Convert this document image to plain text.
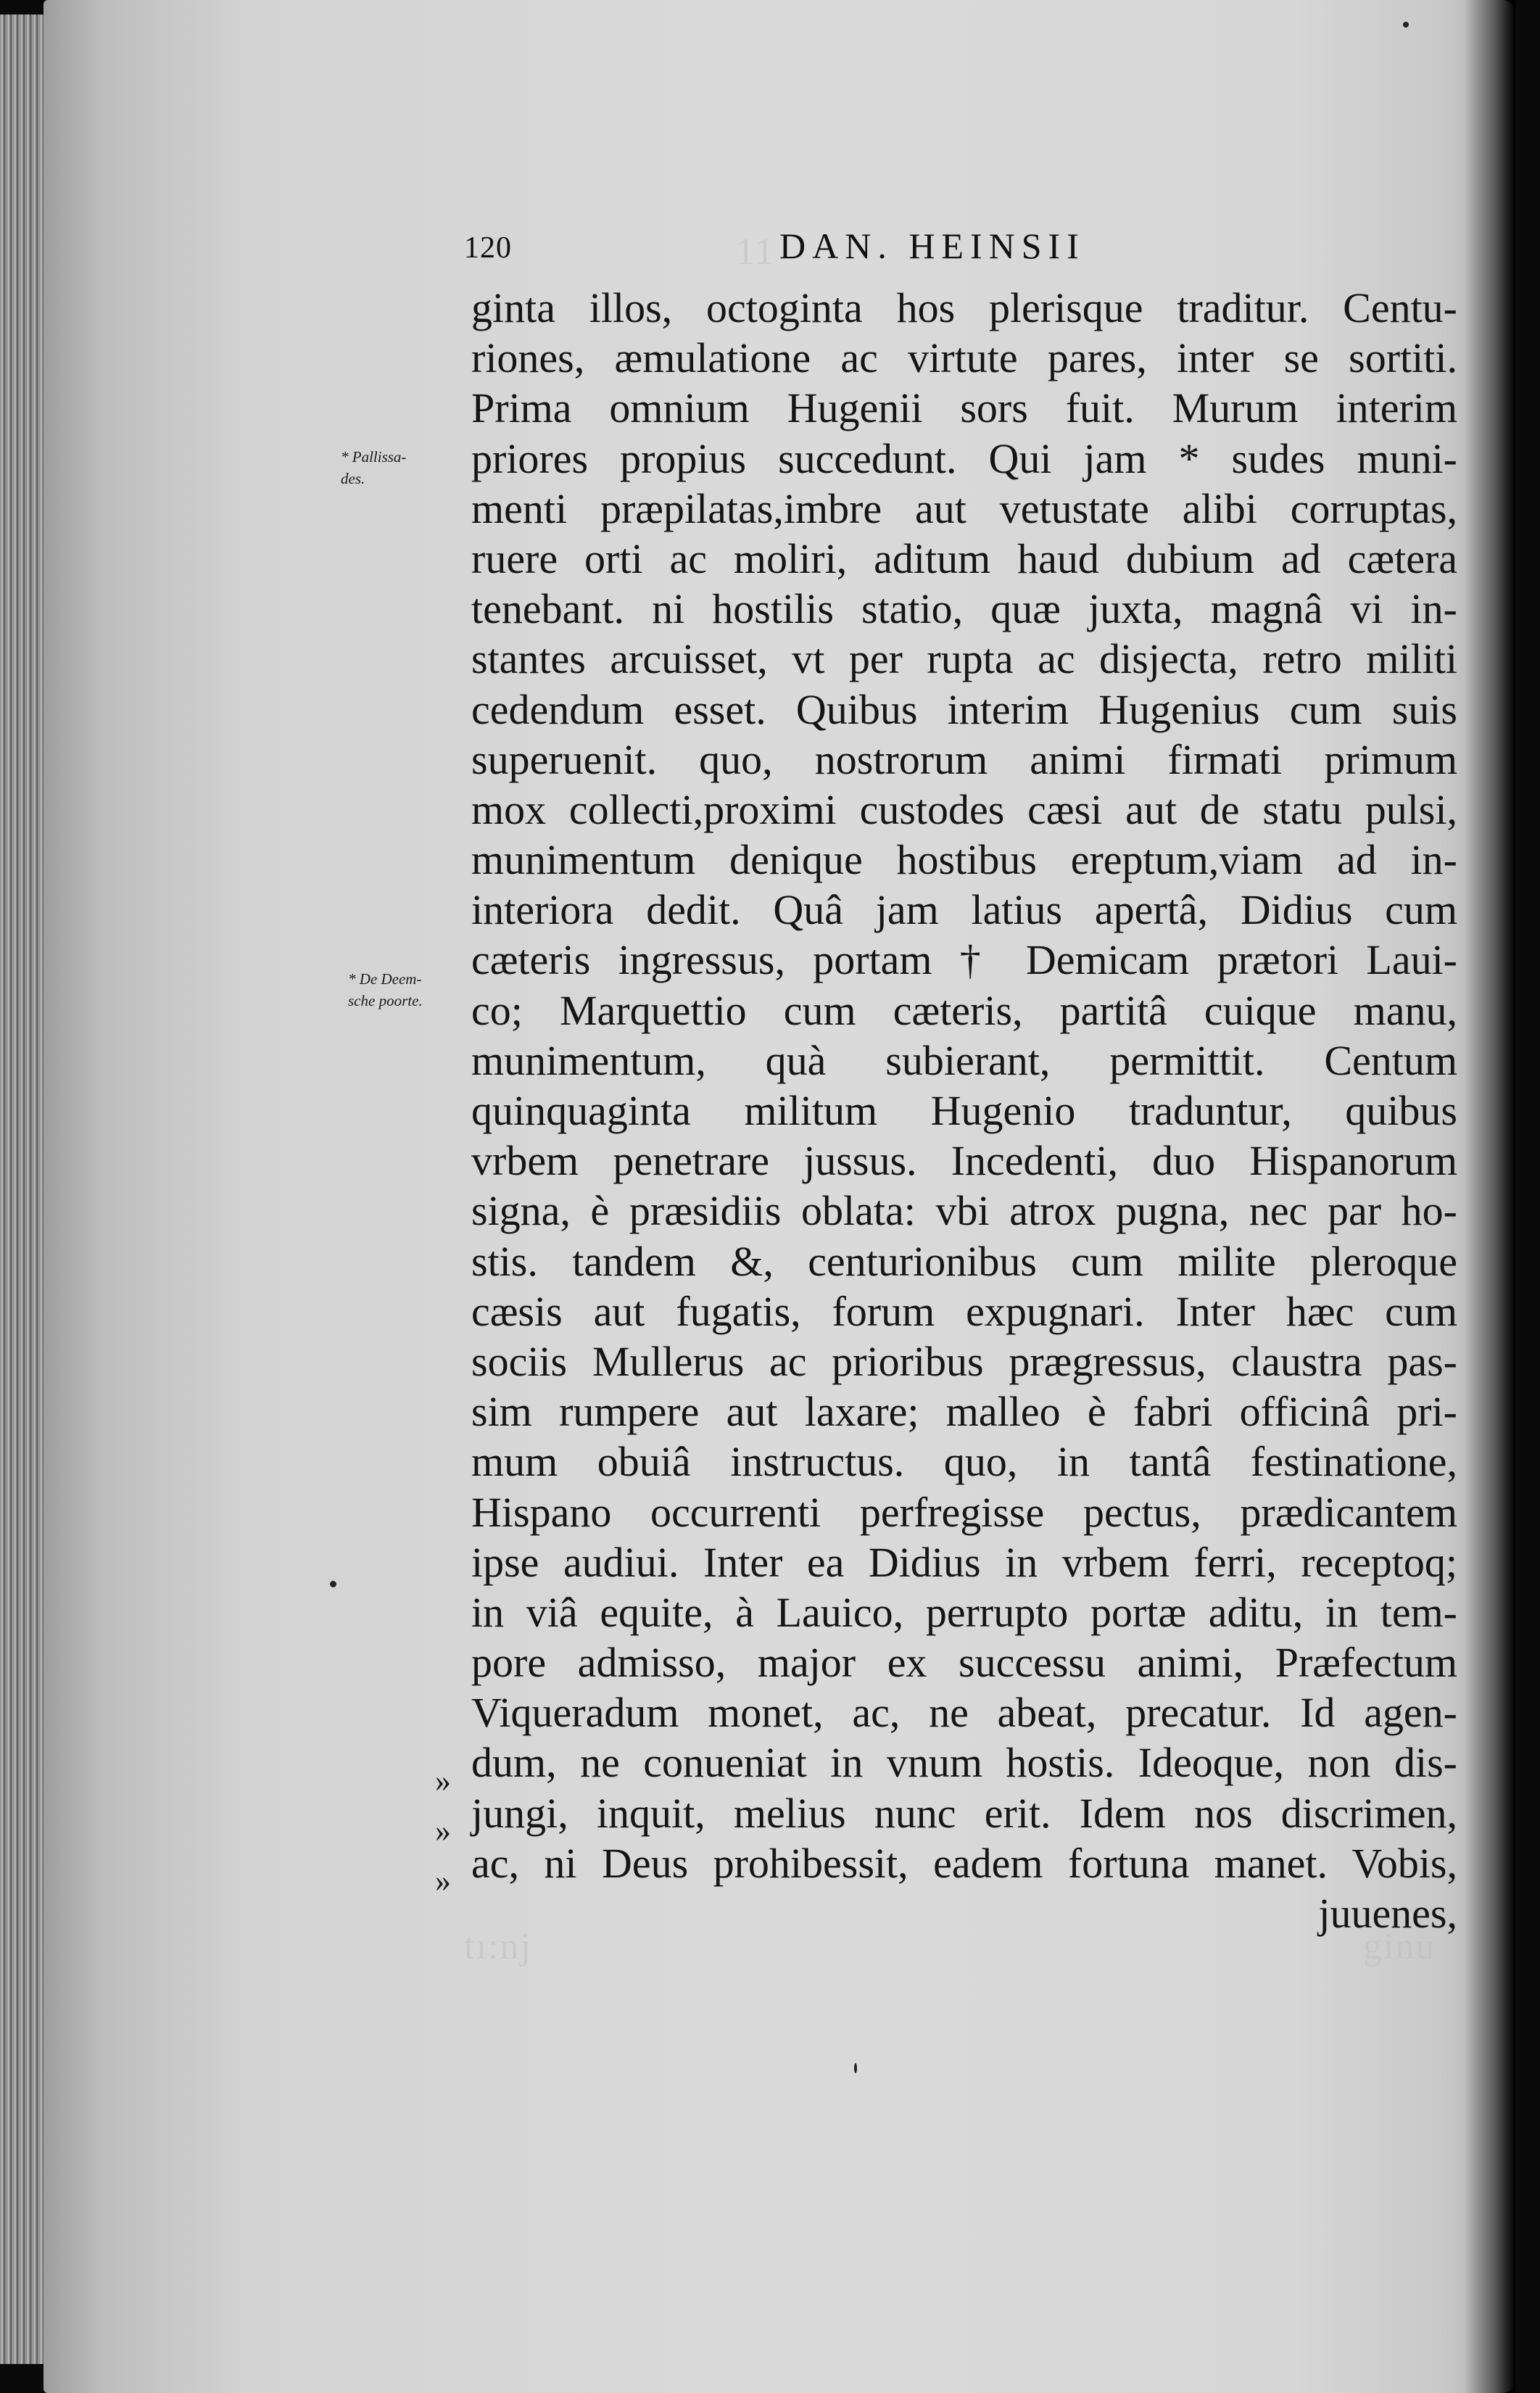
11
tı:nj	ginu
120	DAN. HEINSII
* Pallissa-
des.
* De Deem-
sche poorte.
»
»
»
ginta illos, octoginta hos plerisque traditur. Centu-
riones, æmulatione ac virtute pares, inter se sortiti.
Prima omnium Hugenii sors fuit. Murum interim
priores propius succedunt. Qui jam * sudes muni-
menti præpilatas,imbre aut vetustate alibi corruptas,
ruere orti ac moliri, aditum haud dubium ad cætera
tenebant. ni hostilis statio, quæ juxta, magnâ vi in-
stantes arcuisset, vt per rupta ac disjecta, retro militi
cedendum esset. Quibus interim Hugenius cum suis
superuenit. quo, nostrorum animi firmati primum
mox collecti,proximi custodes cæsi aut de statu pulsi,
munimentum denique hostibus ereptum,viam ad in-
interiora dedit. Quâ jam latius apertâ, Didius cum
cæteris ingressus, portam † Demicam prætori Laui-
co; Marquettio cum cæteris, partitâ cuique manu,
munimentum, quà subierant, permittit. Centum
quinquaginta militum Hugenio traduntur, quibus
vrbem penetrare jussus. Incedenti, duo Hispanorum
signa, è præsidiis oblata: vbi atrox pugna, nec par ho-
stis. tandem &, centurionibus cum milite pleroque
cæsis aut fugatis, forum expugnari. Inter hæc cum
sociis Mullerus ac prioribus prægressus, claustra pas-
sim rumpere aut laxare; malleo è fabri officinâ pri-
mum obuiâ instructus. quo, in tantâ festinatione,
Hispano occurrenti perfregisse pectus, prædicantem
ipse audiui. Inter ea Didius in vrbem ferri, receptoq;
in viâ equite, à Lauico, perrupto portæ aditu, in tem-
pore admisso, major ex successu animi, Præfectum
Viqueradum monet, ac, ne abeat, precatur. Id agen-
dum, ne conueniat in vnum hostis. Ideoque, non dis-
jungi, inquit, melius nunc erit. Idem nos discrimen,
ac, ni Deus prohibessit, eadem fortuna manet. Vobis,
juuenes,
